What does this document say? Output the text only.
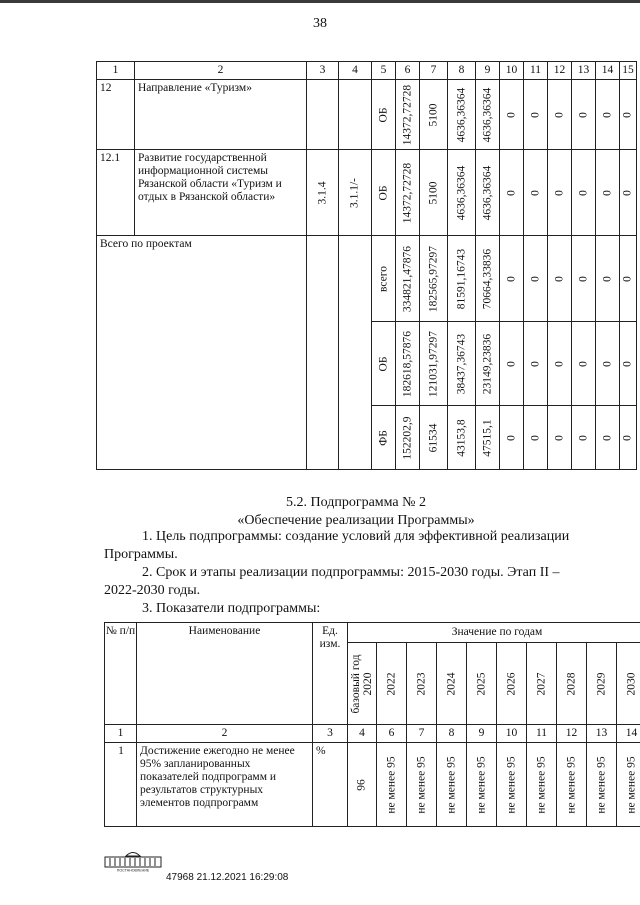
38
1	2	3	4	5	6	7	8	9	10	11	12	13	14	15
12	Направление «Туризм»			ОБ	14372,72728	5100	4636,36364	4636,36364	0	0	0	0	0	0

12.1	Развитие государственной информационной системы Рязанской области «Туризм и отдых в Рязанской области»	3.1.4	3.1.1/-	ОБ	14372,72728	5100	4636,36364	4636,36364	0	0	0	0	0	0

Всего по проектам				всего	334821,47876	182565,97297	81591,16743	70664,33836	0	0	0	0	0	0

				ОБ	182618,57876	121031,97297	38437,36743	23149,23836	0	0	0	0	0	0

				ФБ	152202,9	61534	43153,8	47515,1	0	0	0	0	0	0
5.2. Подпрограмма № 2
«Обеспечение реализации Программы»
1. Цель подпрограммы: создание условий для эффективной реализации
Программы.
2. Срок и этапы реализации подпрограммы: 2015-2030 годы. Этап II –
2022-2030 годы.
3. Показатели подпрограммы:
№ п/п	Наименование	Ед. изм.	Значение по годам									

			базовый год 2020	2022	2023	2024	2025	2026	2027	2028	2029	2030

1	2	3	4	6	7	8	9	10	11	12	13	14
1	Достижение ежегодно не менее 95% запланированных показателей подпрограмм и результатов структурных элементов подпрограмм	%	96	не менее 95	не менее 95	не менее 95	не менее 95	не менее 95	не менее 95	не менее 95	не менее 95	не менее 95
ПОСТАНОВЛЕНИЕ
47968 21.12.2021 16:29:08
